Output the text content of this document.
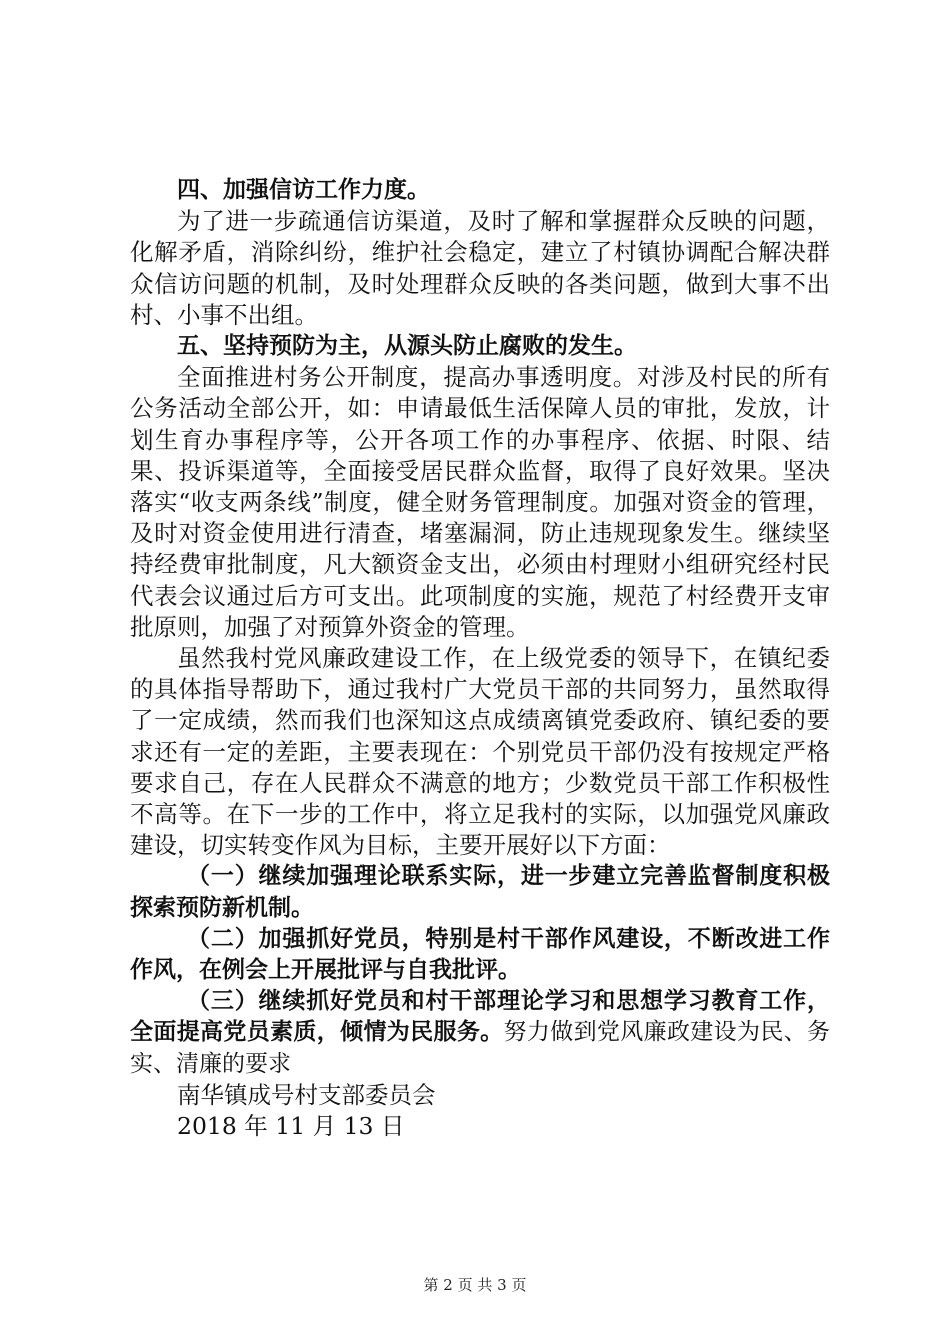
四、加强信访工作力度。

为了进一步疏通信访渠道，及时了解和掌握群众反映的问题，化解矛盾，消除纠纷，维护社会稳定，建立了村镇协调配合解决群众信访问题的机制，及时处理群众反映的各类问题，做到大事不出村、小事不出组。

五、坚持预防为主，从源头防止腐败的发生。

全面推进村务公开制度，提高办事透明度。对涉及村民的所有公务活动全部公开，如：申请最低生活保障人员的审批，发放，计划生育办事程序等，公开各项工作的办事程序、依据、时限、结果、投诉渠道等，全面接受居民群众监督，取得了良好效果。坚决落实“收支两条线”制度，健全财务管理制度。加强对资金的管理，及时对资金使用进行清查，堵塞漏洞，防止违规现象发生。继续坚持经费审批制度，凡大额资金支出，必须由村理财小组研究经村民代表会议通过后方可支出。此项制度的实施，规范了村经费开支审批原则，加强了对预算外资金的管理。

虽然我村党风廉政建设工作，在上级党委的领导下，在镇纪委的具体指导帮助下，通过我村广大党员干部的共同努力，虽然取得了一定成绩，然而我们也深知这点成绩离镇党委政府、镇纪委的要求还有一定的差距，主要表现在：个别党员干部仍没有按规定严格要求自己，存在人民群众不满意的地方；少数党员干部工作积极性不高等。在下一步的工作中，将立足我村的实际，以加强党风廉政建设，切实转变作风为目标，主要开展好以下方面：

（一）继续加强理论联系实际，进一步建立完善监督制度积极探索预防新机制。

（二）加强抓好党员，特别是村干部作风建设，不断改进工作作风，在例会上开展批评与自我批评。

（三）继续抓好党员和村干部理论学习和思想学习教育工作，全面提高党员素质，倾情为民服务。努力做到党风廉政建设为民、务实、清廉的要求

南华镇成号村支部委员会

2018 年 11 月 13 日

第 2 页 共 3 页
